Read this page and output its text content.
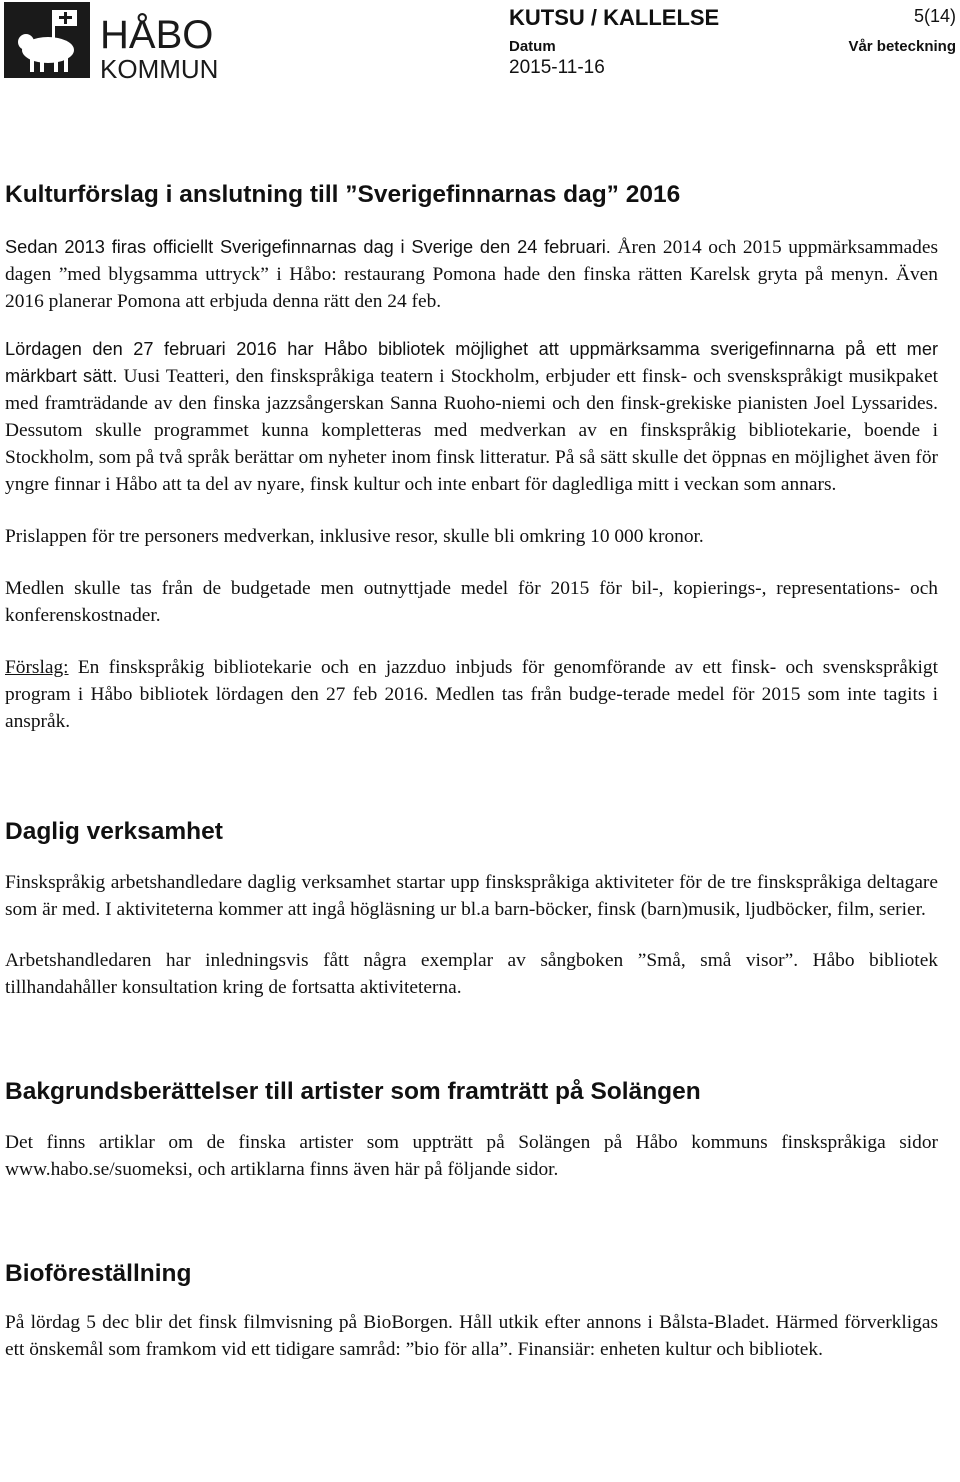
HÅBO
KOMMUN
KUTSU / KALLELSE	5(14)
Datum	Vår beteckning
2015-11-16
Kulturförslag i anslutning till ”Sverigefinnarnas dag” 2016

Sedan 2013 firas officiellt Sverigefinnarnas dag i Sverige den 24 februari. Åren 2014 och 2015 uppmärksammades dagen ”med blygsamma uttryck” i Håbo: restaurang Pomona hade den finska rätten Karelsk gryta på menyn. Även 2016 planerar Pomona att erbjuda denna rätt den 24 feb.

Lördagen den 27 februari 2016 har Håbo bibliotek möjlighet att uppmärksamma sverigefinnarna på ett mer märkbart sätt. Uusi Teatteri, den finskspråkiga teatern i Stockholm, erbjuder ett finsk- och svenskspråkigt musikpaket med framträdande av den finska jazzsångerskan Sanna Ruoho-niemi och den finsk-grekiske pianisten Joel Lyssarides. Dessutom skulle programmet kunna kompletteras med medverkan av en finskspråkig bibliotekarie, boende i Stockholm, som på två språk berättar om nyheter inom finsk litteratur. På så sätt skulle det öppnas en möjlighet även för yngre finnar i Håbo att ta del av nyare, finsk kultur och inte enbart för dagledliga mitt i veckan som annars.

Prislappen för tre personers medverkan, inklusive resor, skulle bli omkring 10 000 kronor.

Medlen skulle tas från de budgetade men outnyttjade medel för 2015 för bil-, kopierings-, representations- och konferenskostnader.

Förslag: En finskspråkig bibliotekarie och en jazzduo inbjuds för genomförande av ett finsk- och svenskspråkigt program i Håbo bibliotek lördagen den 27 feb 2016. Medlen tas från budge-terade medel för 2015 som inte tagits i anspråk.

Daglig verksamhet

Finskspråkig arbetshandledare daglig verksamhet startar upp finskspråkiga aktiviteter för de tre finskspråkiga deltagare som är med. I aktiviteterna kommer att ingå högläsning ur bl.a barn-böcker, finsk (barn)musik, ljudböcker, film, serier.

Arbetshandledaren har inledningsvis fått några exemplar av sångboken ”Små, små visor”. Håbo bibliotek tillhandahåller konsultation kring de fortsatta aktiviteterna.

Bakgrundsberättelser till artister som framträtt på Solängen

Det finns artiklar om de finska artister som uppträtt på Solängen på Håbo kommuns finskspråkiga sidor www.habo.se/suomeksi, och artiklarna finns även här på följande sidor.

Bioföreställning

På lördag 5 dec blir det finsk filmvisning på BioBorgen. Håll utkik efter annons i Bålsta-Bladet. Härmed förverkligas ett önskemål som framkom vid ett tidigare samråd: ”bio för alla”. Finansiär: enheten kultur och bibliotek.
